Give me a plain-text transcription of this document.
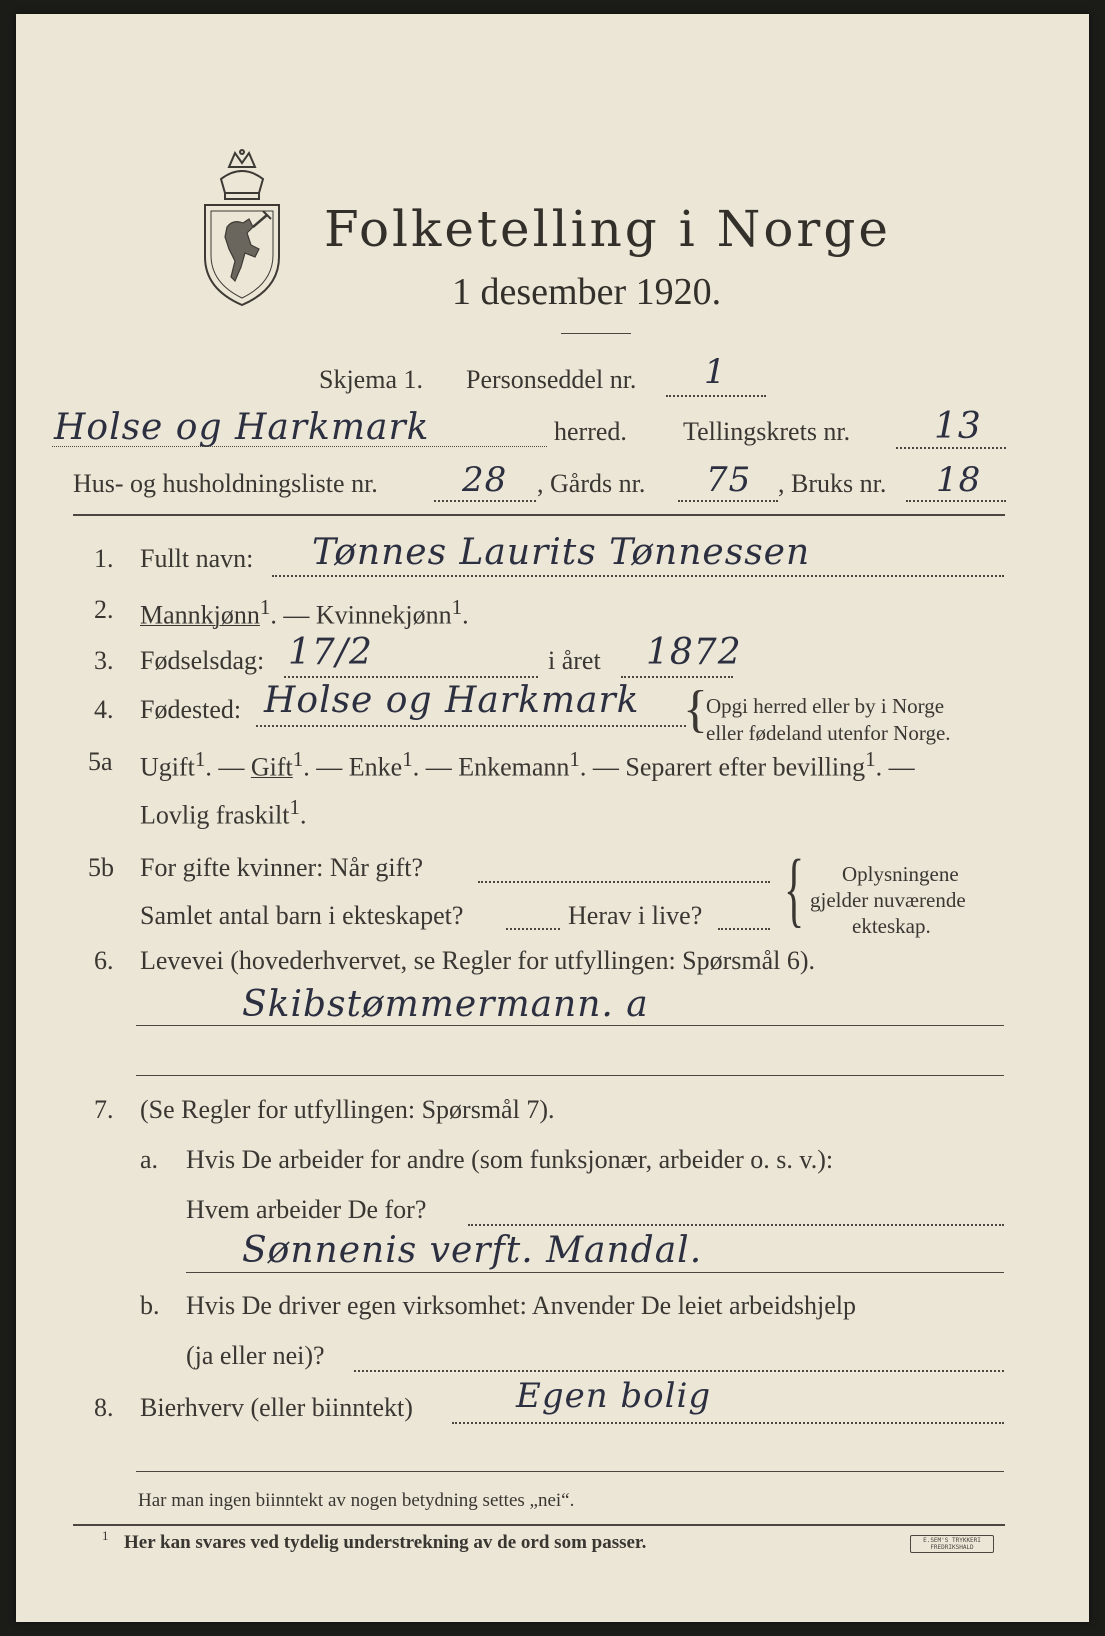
Folketelling i Norge
1 desember 1920.
Skjema 1. Personseddel nr. 1
Holse og Harkmark	herred. Tellingskrets nr. 13
Hus- og husholdningsliste nr. 28 , Gårds nr. 75 , Bruks nr. 18
1. Fullt navn: Tønnes Laurits Tønnessen
2. Mannkjønn$^1$. — Kvinnekjønn$^1$.
3. Fødselsdag: 17/2	i året 1872
4. Fødested: Holse og Harkmark {
Opgi herred eller by i Norge
eller fødeland utenfor Norge.
5a Ugift$^1$. — Gift$^1$. — Enke$^1$. — Enkemann$^1$. — Separert efter bevilling$^1$. —
Lovlig fraskilt$^1$.
5b For gifte kvinner: Når gift?
Samlet antal barn i ekteskapet?	Herav i live? { Oplysningene
gjelder nuværende
ekteskap.
6. Levevei (hovederhvervet, se Regler for utfyllingen: Spørsmål 6).
Skibstømmermann. a
7. (Se Regler for utfyllingen: Spørsmål 7).
a. Hvis De arbeider for andre (som funksjonær, arbeider o. s. v.):
Hvem arbeider De for?
Sønnenis verft. Mandal.
b. Hvis De driver egen virksomhet: Anvender De leiet arbeidshjelp
(ja eller nei)?
8. Bierhverv (eller biinntekt)	Egen bolig
Har man ingen biinntekt av nogen betydning settes „nei“.
1 Her kan svares ved tydelig understrekning av de ord som passer.	E.SEM'S TRYKKERI
FREDRIKSHALD
